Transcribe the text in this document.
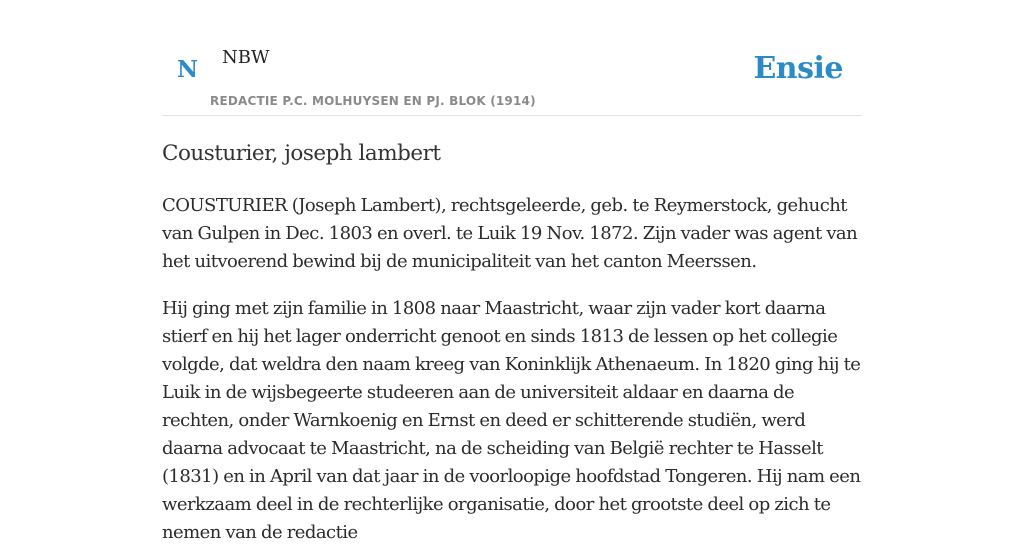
N NBW
REDACTIE P.C. MOLHUYSEN EN PJ. BLOK (1914)
Ensie
Cousturier, joseph lambert

COUSTURIER (Joseph Lambert), rechtsgeleerde, geb. te Reymerstock, gehucht van Gulpen in Dec. 1803 en overl. te Luik 19 Nov. 1872. Zijn vader was agent van het uitvoerend bewind bij de municipaliteit van het canton Meerssen.

Hij ging met zijn familie in 1808 naar Maastricht, waar zijn vader kort daarna stierf en hij het lager onderricht genoot en sinds 1813 de lessen op het collegie volgde, dat weldra den naam kreeg van Koninklijk Athenaeum. In 1820 ging hij te Luik in de wijsbegeerte studeeren aan de universiteit aldaar en daarna de rechten, onder Warnkoenig en Ernst en deed er schitterende studiën, werd daarna advocaat te Maastricht, na de scheiding van België rechter te Hasselt (1831) en in April van dat jaar in de voorloopige hoofdstad Tongeren. Hij nam een werkzaam deel in de rechterlijke organisatie, door het grootste deel op zich te nemen van de redactie
